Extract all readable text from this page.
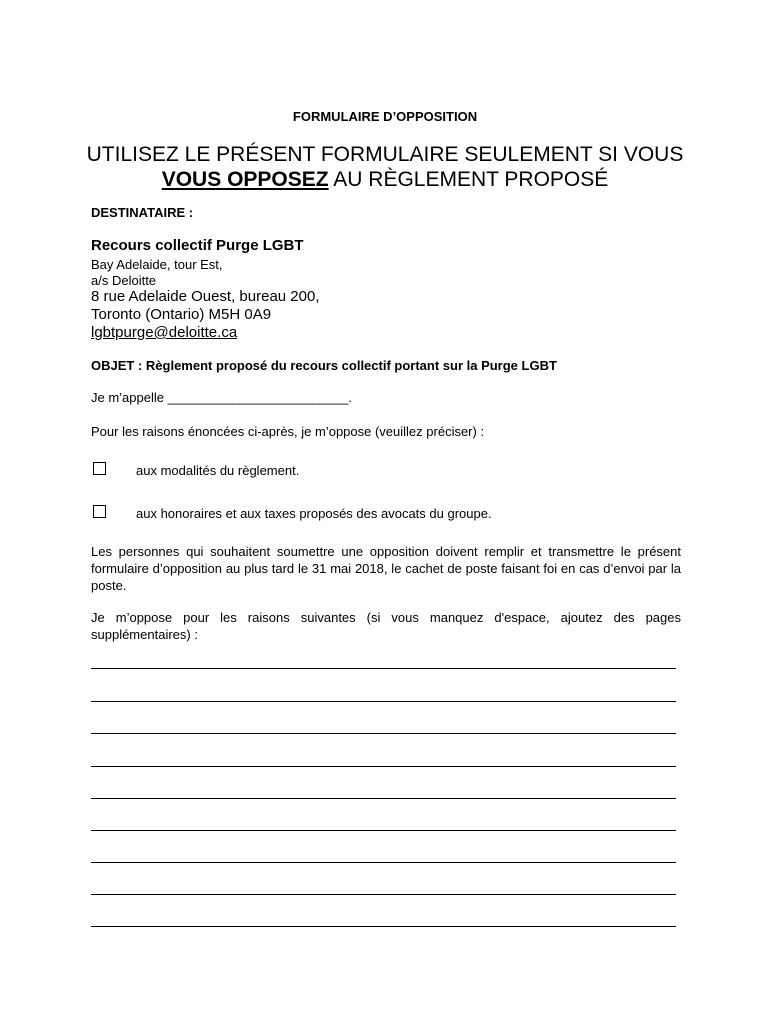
FORMULAIRE D’OPPOSITION
UTILISEZ LE PRÉSENT FORMULAIRE SEULEMENT SI VOUS
VOUS OPPOSEZ AU RÈGLEMENT PROPOSÉ
DESTINATAIRE :
Recours collectif Purge LGBT
Bay Adelaide, tour Est,
a/s Deloitte
8 rue Adelaide Ouest, bureau 200,
Toronto (Ontario) M5H 0A9
lgbtpurge@deloitte.ca
OBJET : Règlement proposé du recours collectif portant sur la Purge LGBT
Je m’appelle _________________________.
Pour les raisons énoncées ci-après, je m’oppose (veuillez préciser) :
aux modalités du règlement.
aux honoraires et aux taxes proposés des avocats du groupe.
Les personnes qui souhaitent soumettre une opposition doivent remplir et transmettre le présent formulaire d’opposition au plus tard le 31 mai 2018, le cachet de poste faisant foi en cas d’envoi par la poste.
Je m’oppose pour les raisons suivantes (si vous manquez d'espace, ajoutez des pages supplémentaires) :
